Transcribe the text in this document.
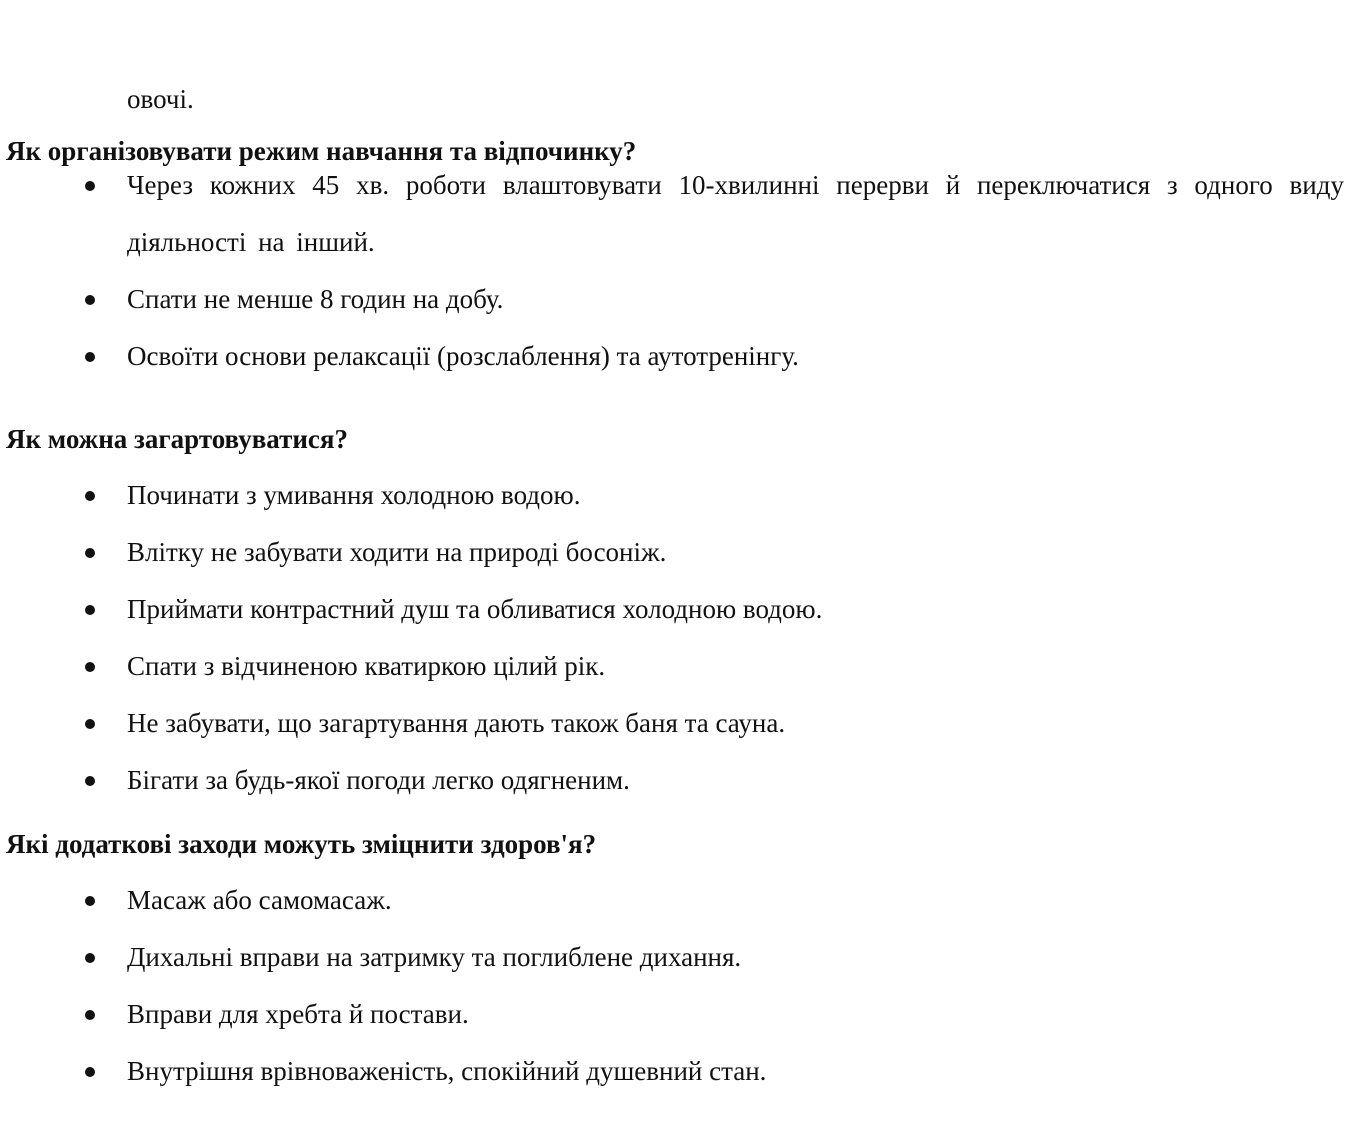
овочі.
Як організовувати режим навчання та відпочинку?
Через кожних 45 хв. роботи влаштовувати 10-хвилинні перерви й переключатися з одного виду діяльності на інший.
Спати не менше 8 годин на добу.
Освоїти основи релаксації (розслаблення) та аутотренінгу.
Як можна загартовуватися?
Починати з умивання холодною водою.
Влітку не забувати ходити на природі босоніж.
Приймати контрастний душ та обливатися холодною водою.
Спати з відчиненою кватиркою цілий рік.
Не забувати, що загартування дають також баня та сауна.
Бігати за будь-якої погоди легко одягненим.
Які додаткові заходи можуть зміцнити здоров'я?
Масаж або самомасаж.
Дихальні вправи на затримку та поглиблене дихання.
Вправи для хребта й постави.
Внутрішня врівноваженість, спокійний душевний стан.
